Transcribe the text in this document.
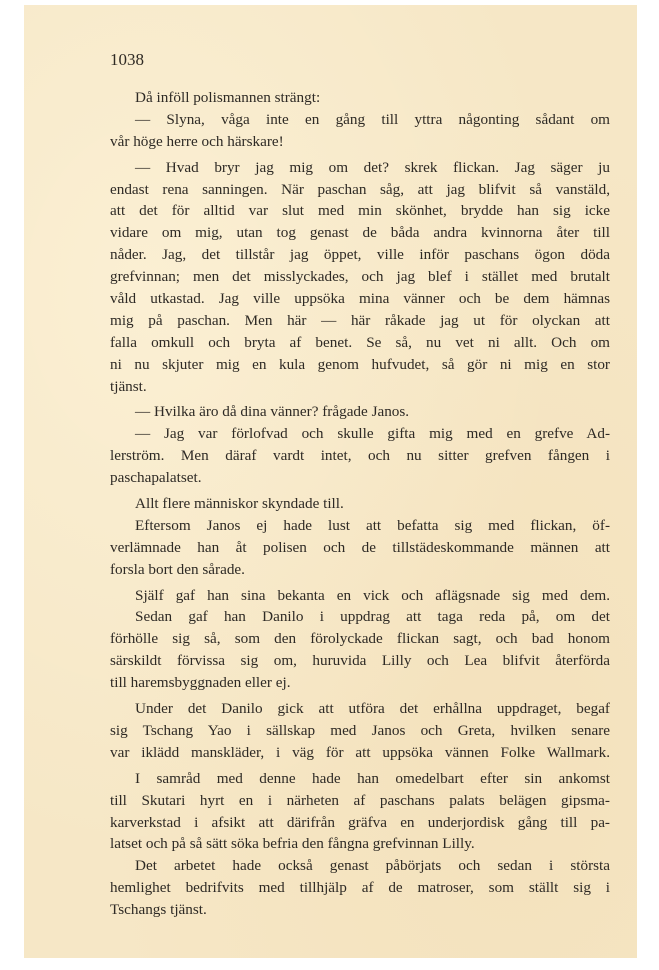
1038
Då inföll polismannen strängt:
— Slyna, våga inte en gång till yttra någonting sådant om
vår höge herre och härskare!
— Hvad bryr jag mig om det? skrek flickan. Jag säger ju
endast rena sanningen. När paschan såg, att jag blifvit så vanstäld,
att det för alltid var slut med min skönhet, brydde han sig icke
vidare om mig, utan tog genast de båda andra kvinnorna åter till
nåder. Jag, det tillstår jag öppet, ville inför paschans ögon döda
grefvinnan; men det misslyckades, och jag blef i stället med brutalt
våld utkastad. Jag ville uppsöka mina vänner och be dem hämnas
mig på paschan. Men här — här råkade jag ut för olyckan att
falla omkull och bryta af benet. Se så, nu vet ni allt. Och om
ni nu skjuter mig en kula genom hufvudet, så gör ni mig en stor
tjänst.
— Hvilka äro då dina vänner? frågade Janos.
— Jag var förlofvad och skulle gifta mig med en grefve Ad-
lerström. Men däraf vardt intet, och nu sitter grefven fången i
paschapalatset.
Allt flere människor skyndade till.
Eftersom Janos ej hade lust att befatta sig med flickan, öf-
verlämnade han åt polisen och de tillstädeskommande männen att
forsla bort den sårade.
Själf gaf han sina bekanta en vick och aflägsnade sig med dem.
Sedan gaf han Danilo i uppdrag att taga reda på, om det
förhölle sig så, som den förolyckade flickan sagt, och bad honom
särskildt förvissa sig om, huruvida Lilly och Lea blifvit återförda
till haremsbyggnaden eller ej.
Under det Danilo gick att utföra det erhållna uppdraget, begaf
sig Tschang Yao i sällskap med Janos och Greta, hvilken senare
var iklädd manskläder, i väg för att uppsöka vännen Folke Wallmark.
I samråd med denne hade han omedelbart efter sin ankomst
till Skutari hyrt en i närheten af paschans palats belägen gipsma-
karverkstad i afsikt att därifrån gräfva en underjordisk gång till pa-
latset och på så sätt söka befria den fångna grefvinnan Lilly.
Det arbetet hade också genast påbörjats och sedan i största
hemlighet bedrifvits med tillhjälp af de matroser, som ställt sig i
Tschangs tjänst.
